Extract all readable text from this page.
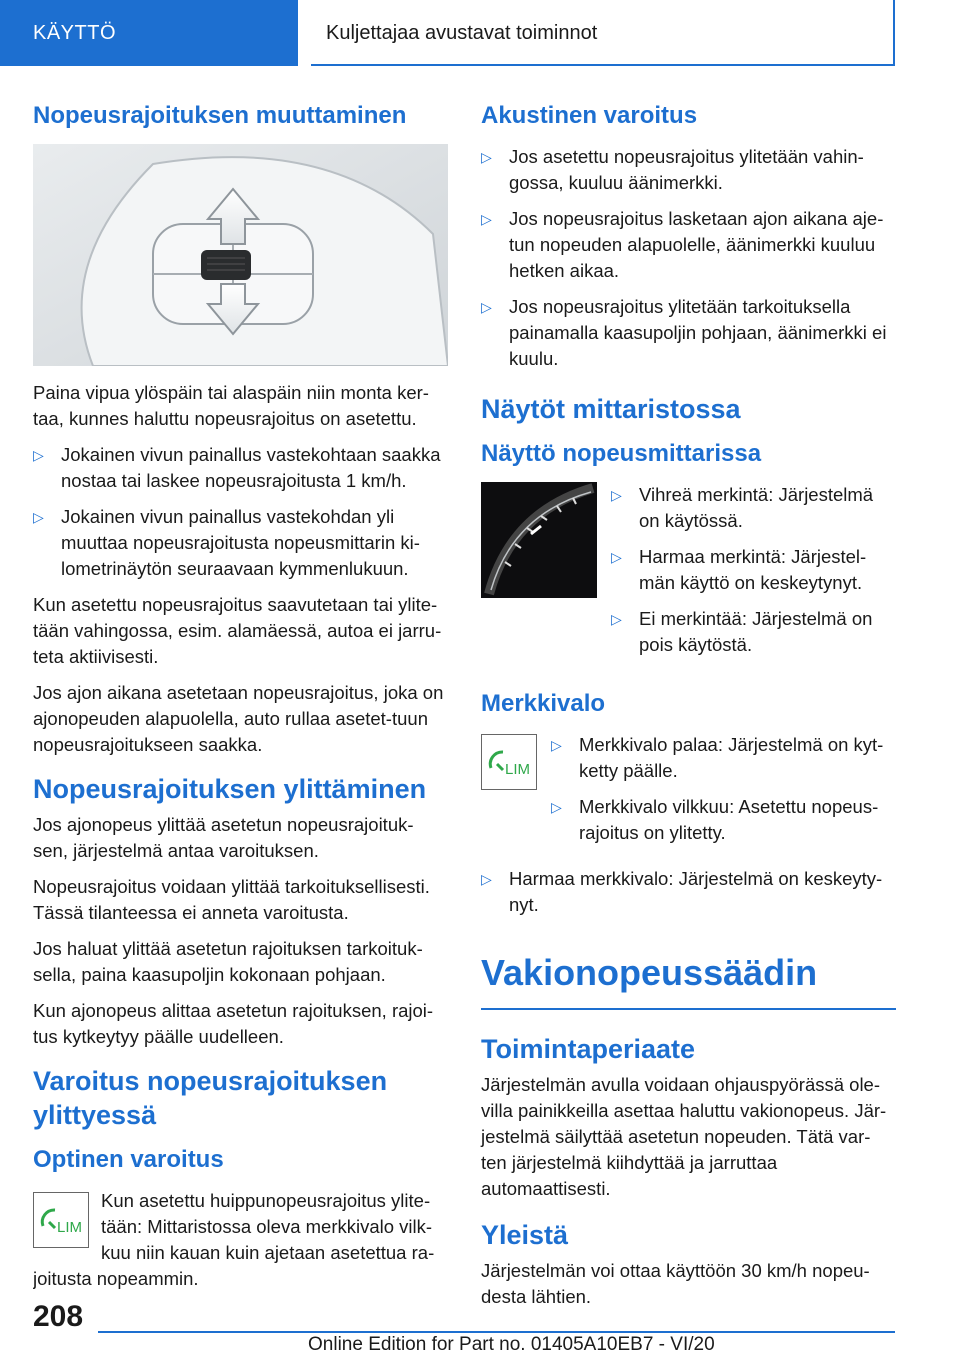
KÄYTTÖ	Kuljettajaa avustavat toiminnot
Nopeusrajoituksen muuttaminen

Paina vipua ylöspäin tai alaspäin niin monta ker-taa, kunnes haluttu nopeusrajoitus on asetettu.

▷ Jokainen vivun painallus vastekohtaan saakka nostaa tai laskee nopeusrajoitusta 1 km/h.
▷ Jokainen vivun painallus vastekohdan yli muuttaa nopeusrajoitusta nopeusmittarin ki-lometrinäytön seuraavaan kymmenlukuun.

Kun asetettu nopeusrajoitus saavutetaan tai ylite-tään vahingossa, esim. alamäessä, autoa ei jarru-teta aktiivisesti.

Jos ajon aikana asetetaan nopeusrajoitus, joka on ajonopeuden alapuolella, auto rullaa asetet-tuun nopeusrajoitukseen saakka.

Nopeusrajoituksen ylittäminen

Jos ajonopeus ylittää asetetun nopeusrajoituk-sen, järjestelmä antaa varoituksen.

Nopeusrajoitus voidaan ylittää tarkoituksellisesti. Tässä tilanteessa ei anneta varoitusta.

Jos haluat ylittää asetetun rajoituksen tarkoituk-sella, paina kaasupoljin kokonaan pohjaan.

Kun ajonopeus alittaa asetetun rajoituksen, rajoi-tus kytkeytyy päälle uudelleen.

Varoitus nopeusrajoituksen ylittyessä
Optinen varoitus
LIM

Kun asetettu huippunopeusrajoitus ylite-tään: Mittaristossa oleva merkkivalo vilk-kuu niin kauan kuin ajetaan asetettua ra-joitusta nopeammin.

Akustinen varoitus
▷ Jos asetettu nopeusrajoitus ylitetään vahin-gossa, kuuluu äänimerkki.
▷ Jos nopeusrajoitus lasketaan ajon aikana aje-tun nopeuden alapuolelle, äänimerkki kuuluu hetken aikaa.
▷ Jos nopeusrajoitus ylitetään tarkoituksella painamalla kaasupoljin pohjaan, äänimerkki ei kuulu.
Näytöt mittaristossa
Näyttö nopeusmittarissa
▷ Vihreä merkintä: Järjestelmä on käytössä.
▷ Harmaa merkintä: Järjestel-män käyttö on keskeytynyt.
▷ Ei merkintää: Järjestelmä on pois käytöstä.
Merkkivalo
LIM
▷ Merkkivalo palaa: Järjestelmä on kyt-ketty päälle.
▷ Merkkivalo vilkkuu: Asetettu nopeus-rajoitus on ylitetty.
▷ Harmaa merkkivalo: Järjestelmä on keskeyty-nyt.
Vakionopeussäädin
Toimintaperiaate

Järjestelmän avulla voidaan ohjauspyörässä ole-villa painikkeilla asettaa haluttu vakionopeus. Jär-jestelmä säilyttää asetetun nopeuden. Tätä var-ten järjestelmä kiihdyttää ja jarruttaa automaattisesti.

Yleistä

Järjestelmän voi ottaa käyttöön 30 km/h nopeu-desta lähtien.

208
Online Edition for Part no. 01405A10EB7 - VI/20
